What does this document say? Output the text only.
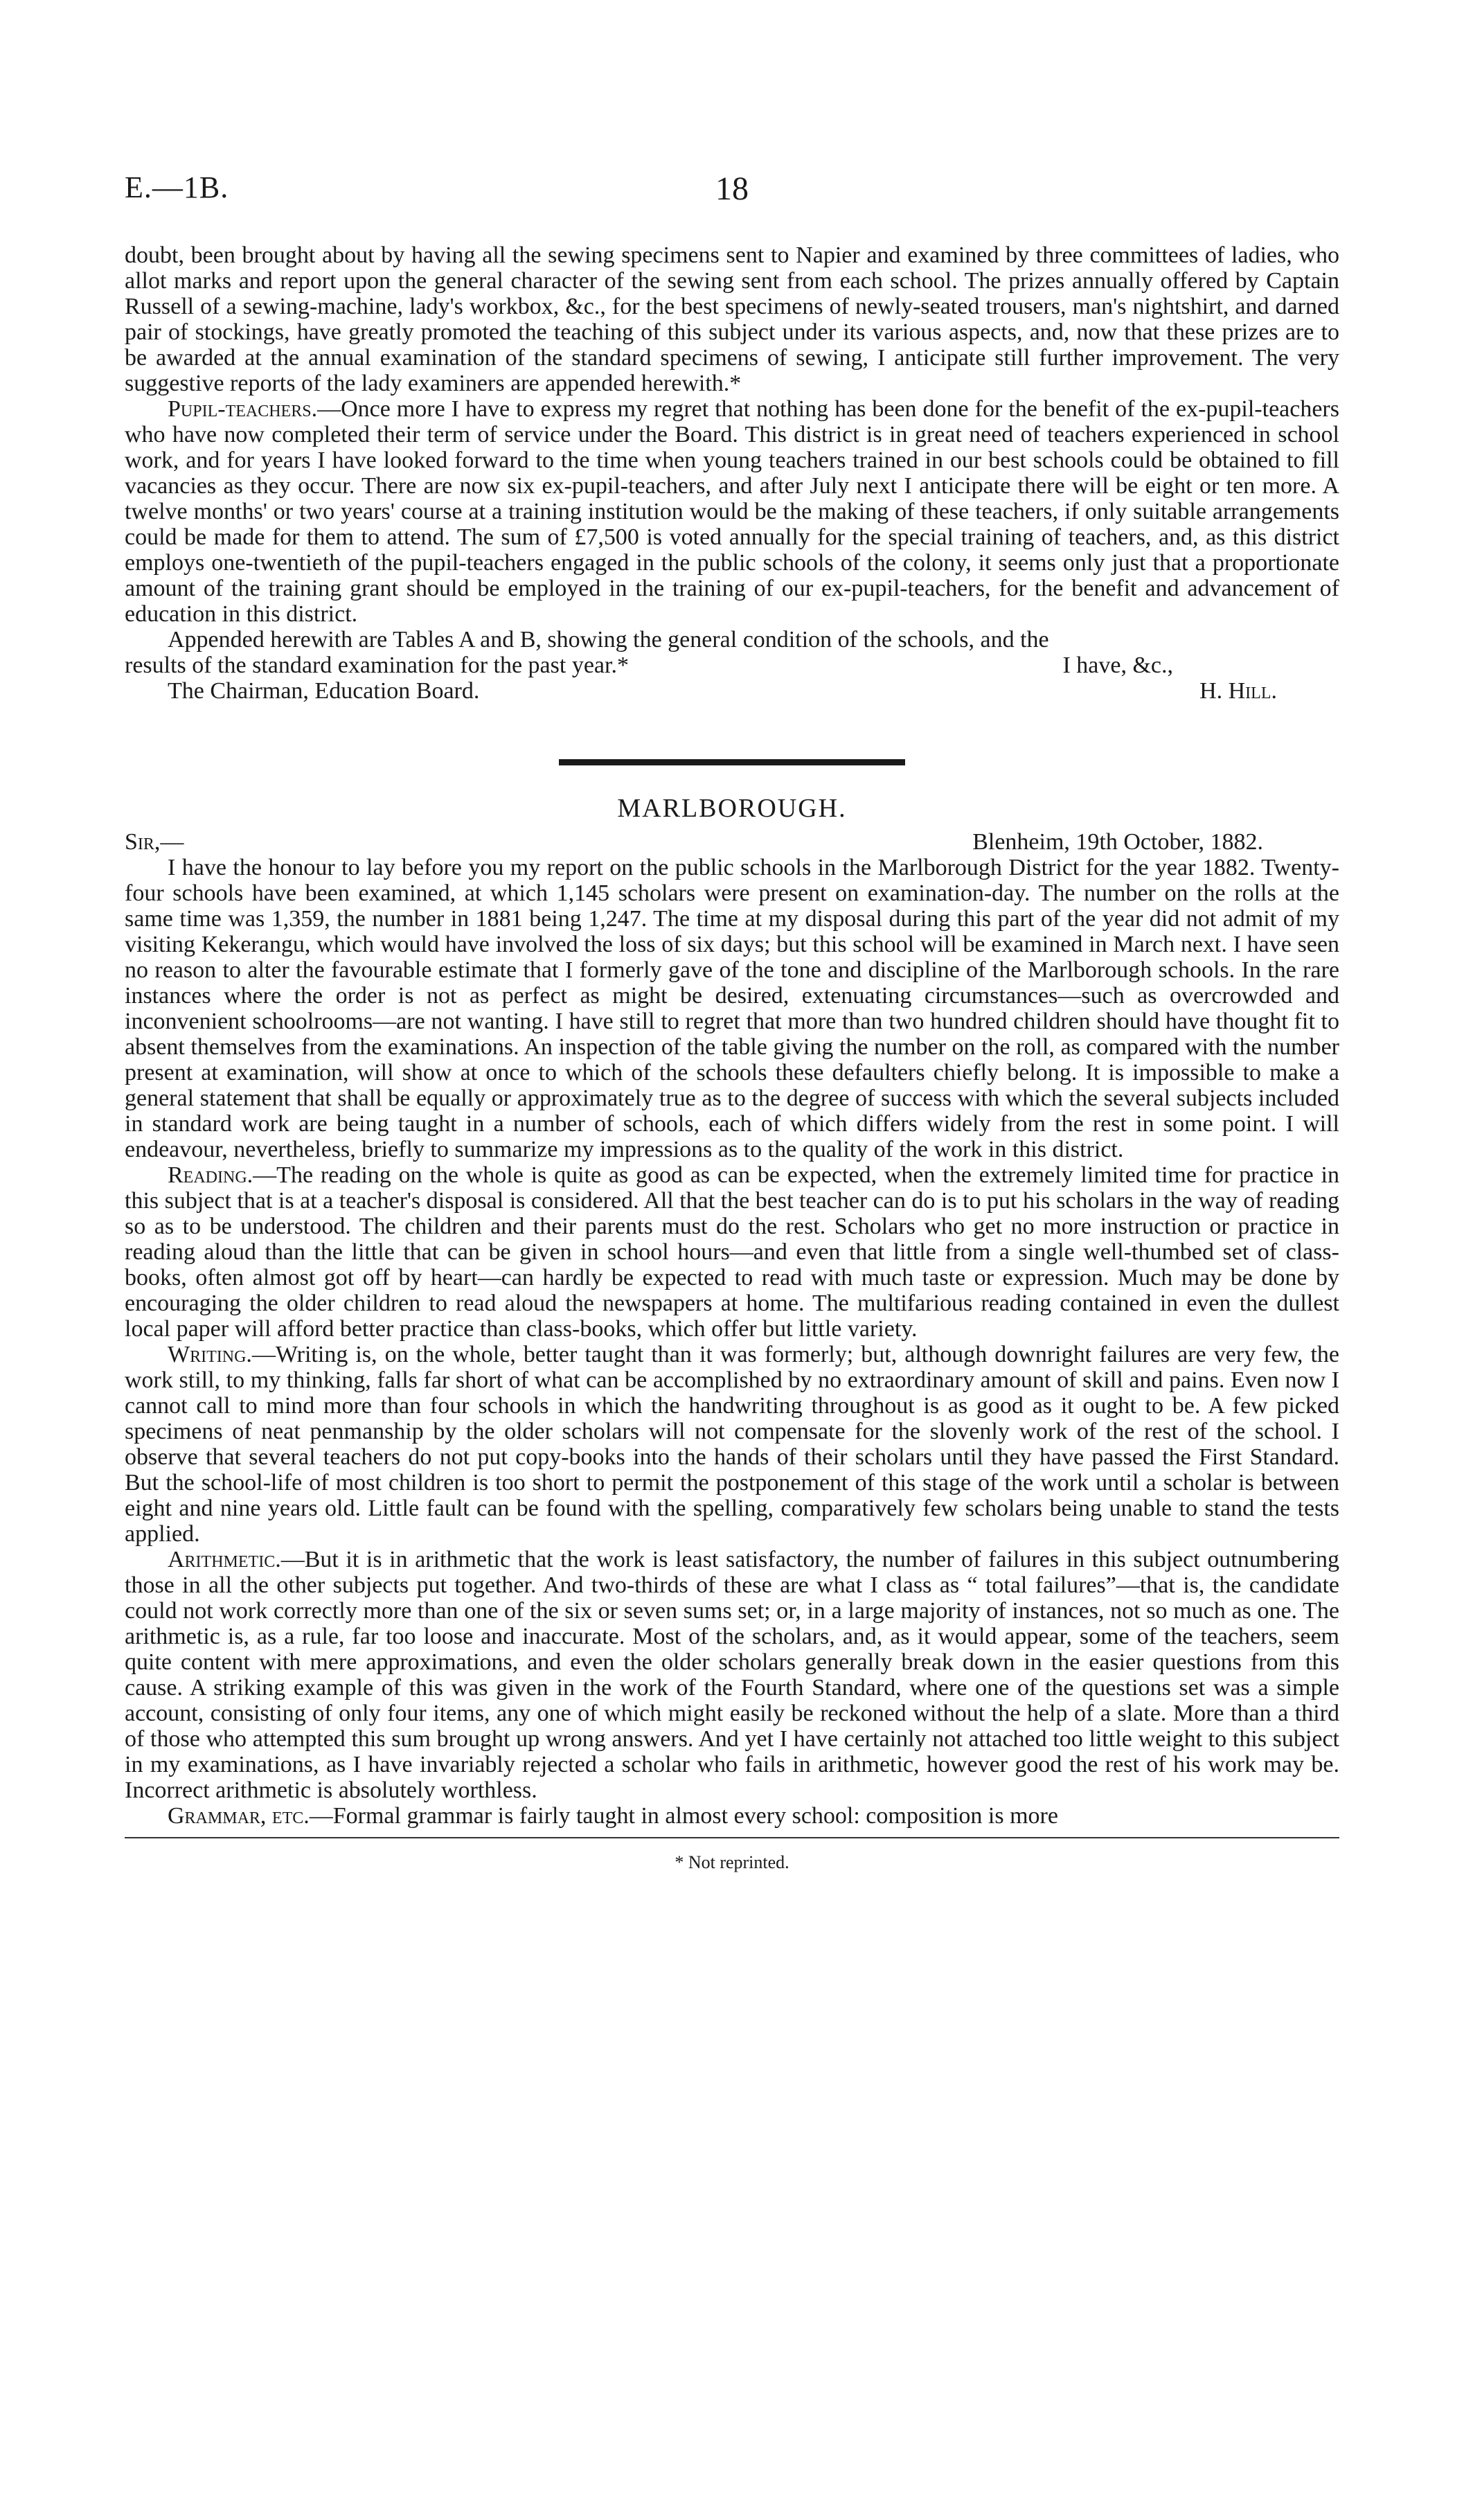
E.—1B.	18

doubt, been brought about by having all the sewing specimens sent to Napier and examined by three committees of ladies, who allot marks and report upon the general character of the sewing sent from each school. The prizes annually offered by Captain Russell of a sewing-machine, lady's workbox, &c., for the best specimens of newly-seated trousers, man's nightshirt, and darned pair of stockings, have greatly promoted the teaching of this subject under its various aspects, and, now that these prizes are to be awarded at the annual examination of the standard specimens of sewing, I anticipate still further improvement. The very suggestive reports of the lady examiners are appended herewith.*

Pupil-teachers.—Once more I have to express my regret that nothing has been done for the benefit of the ex-pupil-teachers who have now completed their term of service under the Board. This district is in great need of teachers experienced in school work, and for years I have looked forward to the time when young teachers trained in our best schools could be obtained to fill vacancies as they occur. There are now six ex-pupil-teachers, and after July next I anticipate there will be eight or ten more. A twelve months' or two years' course at a training institution would be the making of these teachers, if only suitable arrangements could be made for them to attend. The sum of £7,500 is voted annually for the special training of teachers, and, as this district employs one-twentieth of the pupil-teachers engaged in the public schools of the colony, it seems only just that a proportionate amount of the training grant should be employed in the training of our ex-pupil-teachers, for the benefit and advancement of education in this district.

Appended herewith are Tables A and B, showing the general condition of the schools, and the

results of the standard examination for the past year.*	I have, &c.,
The Chairman, Education Board.	H. Hill.
MARLBOROUGH.
Sir,—	Blenheim, 19th October, 1882.

I have the honour to lay before you my report on the public schools in the Marlborough District for the year 1882. Twenty-four schools have been examined, at which 1,145 scholars were present on examination-day. The number on the rolls at the same time was 1,359, the number in 1881 being 1,247. The time at my disposal during this part of the year did not admit of my visiting Kekerangu, which would have involved the loss of six days; but this school will be examined in March next. I have seen no reason to alter the favourable estimate that I formerly gave of the tone and discipline of the Marlborough schools. In the rare instances where the order is not as perfect as might be desired, extenuating circumstances—such as overcrowded and inconvenient schoolrooms—are not wanting. I have still to regret that more than two hundred children should have thought fit to absent themselves from the examinations. An inspection of the table giving the number on the roll, as compared with the number present at examination, will show at once to which of the schools these defaulters chiefly belong. It is impossible to make a general statement that shall be equally or approximately true as to the degree of success with which the several subjects included in standard work are being taught in a number of schools, each of which differs widely from the rest in some point. I will endeavour, nevertheless, briefly to summarize my impressions as to the quality of the work in this district.

Reading.—The reading on the whole is quite as good as can be expected, when the extremely limited time for practice in this subject that is at a teacher's disposal is considered. All that the best teacher can do is to put his scholars in the way of reading so as to be understood. The children and their parents must do the rest. Scholars who get no more instruction or practice in reading aloud than the little that can be given in school hours—and even that little from a single well-thumbed set of class-books, often almost got off by heart—can hardly be expected to read with much taste or expression. Much may be done by encouraging the older children to read aloud the newspapers at home. The multifarious reading contained in even the dullest local paper will afford better practice than class-books, which offer but little variety.

Writing.—Writing is, on the whole, better taught than it was formerly; but, although downright failures are very few, the work still, to my thinking, falls far short of what can be accomplished by no extraordinary amount of skill and pains. Even now I cannot call to mind more than four schools in which the handwriting throughout is as good as it ought to be. A few picked specimens of neat penmanship by the older scholars will not compensate for the slovenly work of the rest of the school. I observe that several teachers do not put copy-books into the hands of their scholars until they have passed the First Standard. But the school-life of most children is too short to permit the postponement of this stage of the work until a scholar is between eight and nine years old. Little fault can be found with the spelling, comparatively few scholars being unable to stand the tests applied.

Arithmetic.—But it is in arithmetic that the work is least satisfactory, the number of failures in this subject outnumbering those in all the other subjects put together. And two-thirds of these are what I class as “ total failures”—that is, the candidate could not work correctly more than one of the six or seven sums set; or, in a large majority of instances, not so much as one. The arithmetic is, as a rule, far too loose and inaccurate. Most of the scholars, and, as it would appear, some of the teachers, seem quite content with mere approximations, and even the older scholars generally break down in the easier questions from this cause. A striking example of this was given in the work of the Fourth Standard, where one of the questions set was a simple account, consisting of only four items, any one of which might easily be reckoned without the help of a slate. More than a third of those who attempted this sum brought up wrong answers. And yet I have certainly not attached too little weight to this subject in my examinations, as I have invariably rejected a scholar who fails in arithmetic, however good the rest of his work may be. Incorrect arithmetic is absolutely worthless.

Grammar, etc.—Formal grammar is fairly taught in almost every school: composition is more

* Not reprinted.
